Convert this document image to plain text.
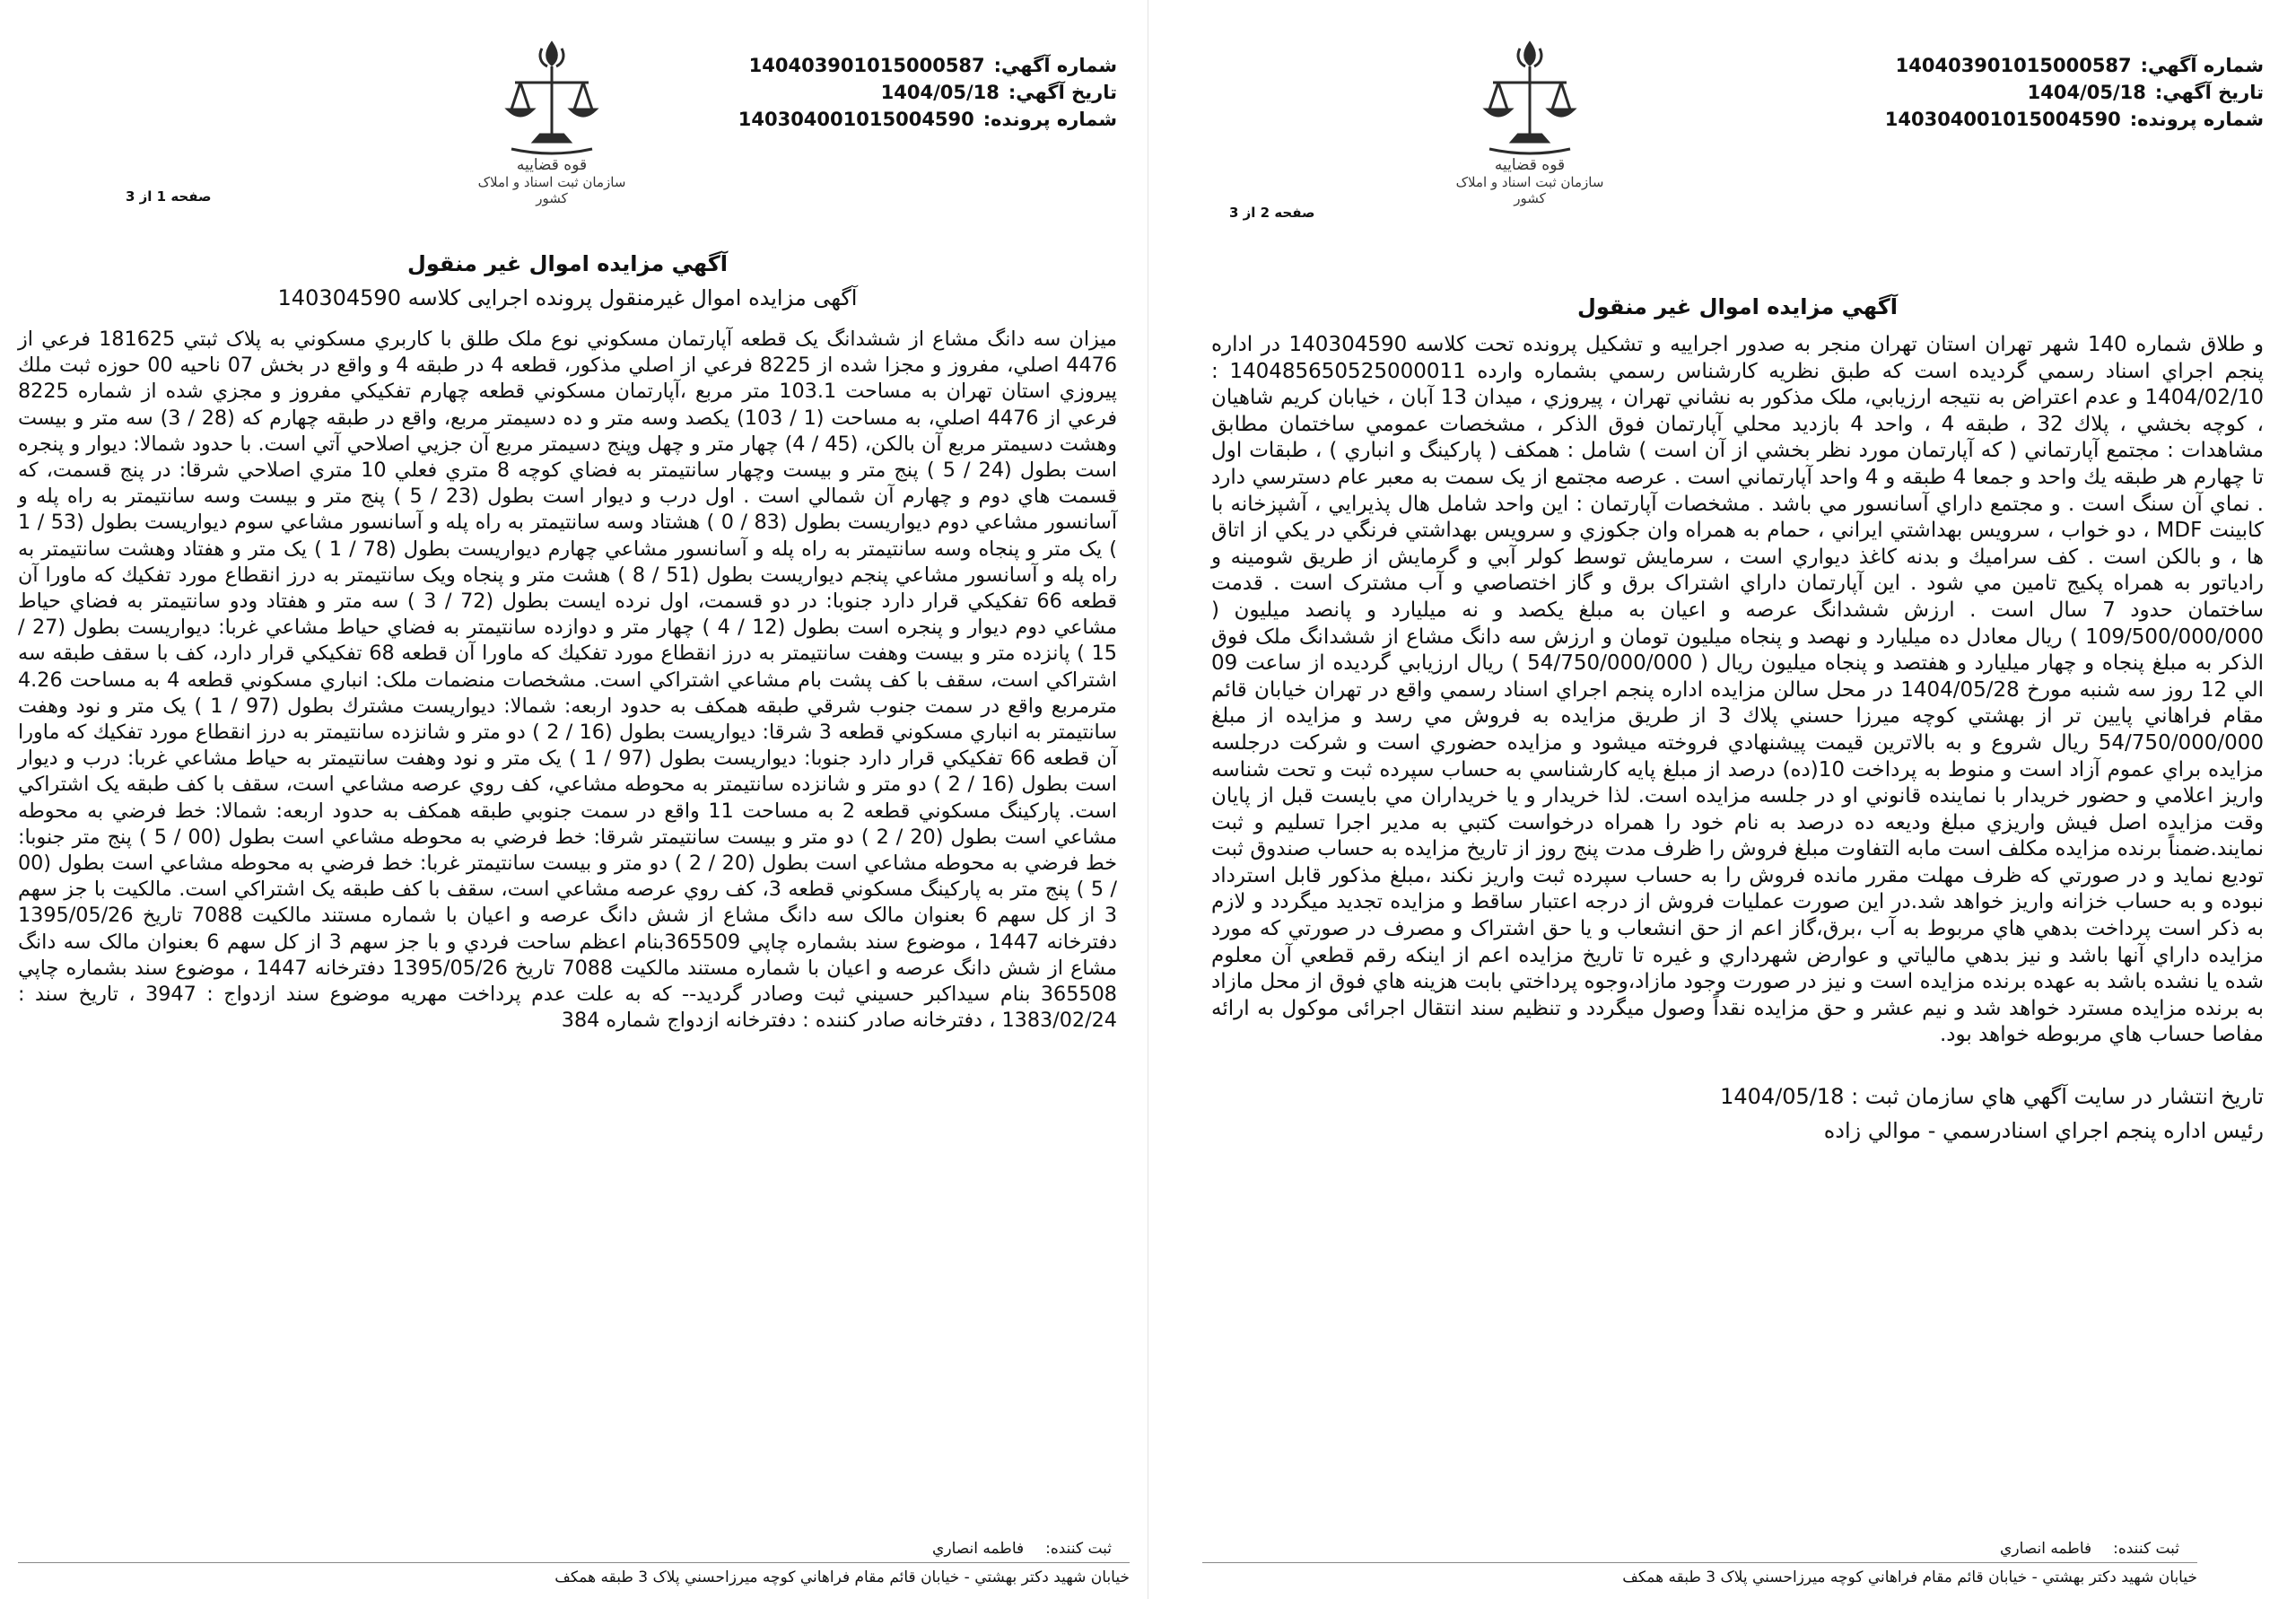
شماره آگهي:
140403901015000587
تاريخ آگهي:
1404/05/18
شماره پرونده:
140304001015004590
قوه قضاییه
سازمان ثبت اسناد و املاک کشور
صفحه 2 از 3
آگهي مزايده اموال غير منقول

و طلاق شماره 140 شهر تهران استان تهران منجر به صدور اجراييه و تشكيل پرونده تحت كلاسه 140304590 در اداره پنجم اجراي اسناد رسمي گرديده است كه طبق نظريه كارشناس رسمي بشماره وارده 140485650525000011 : 1404/02/10 و عدم اعتراض به نتيجه ارزيابي، ملک مذکور به نشاني تهران ، پيروزي ، ميدان 13 آبان ، خيابان كريم شاهيان ، كوچه بخشي ، پلاك 32 ، طبقه 4 ، واحد 4 بازديد محلي آپارتمان فوق الذكر ، مشخصات عمومي ساختمان مطابق مشاهدات : مجتمع آپارتماني ( كه آپارتمان مورد نظر بخشي از آن است ) شامل : همكف ( پاركينگ و انباري ) ، طبقات اول تا چهارم هر طبقه يك واحد و جمعا 4 طبقه و 4 واحد آپارتماني است . عرصه مجتمع از يک سمت به معبر عام دسترسي دارد . نماي آن سنگ است . و مجتمع داراي آسانسور مي باشد . مشخصات آپارتمان : اين واحد شامل هال پذيرايي ، آشپزخانه با كابينت MDF ، دو خواب ، سرويس بهداشتي ايراني ، حمام به همراه وان جكوزي و سرويس بهداشتي فرنگي در يكي از اتاق ها ، و بالكن است . كف سراميك و بدنه كاغذ ديواري است ، سرمايش توسط كولر آبي و گرمايش از طريق شومينه و رادياتور به همراه پكيج تامين مي شود . اين آپارتمان داراي اشتراک برق و گاز اختصاصي و آب مشترک است . قدمت ساختمان حدود 7 سال است . ارزش ششدانگ عرصه و اعيان به مبلغ يكصد و نه ميليارد و پانصد ميليون ( 109/500/000/000 ) ريال معادل ده ميليارد و نهصد و پنجاه ميليون تومان و ارزش سه دانگ مشاع از ششدانگ ملک فوق الذكر به مبلغ پنجاه و چهار ميليارد و هفتصد و پنجاه ميليون ريال ( 54/750/000/000 ) ريال ارزيابي گرديده از ساعت 09 الي 12 روز سه شنبه مورخ 1404/05/28 در محل سالن مزايده اداره پنجم اجراي اسناد رسمي واقع در تهران خيابان قائم مقام فراهاني پايين تر از بهشتي كوچه ميرزا حسني پلاك 3 از طريق مزايده به فروش مي رسد و مزايده از مبلغ 54/750/000/000 ريال شروع و به بالاترين قيمت پيشنهادي فروخته ميشود و مزايده حضوري است و شركت درجلسه مزايده براي عموم آزاد است و منوط به پرداخت 10(ده) درصد از مبلغ پايه كارشناسي به حساب سپرده ثبت و تحت شناسه واريز اعلامي و حضور خريدار با نماينده قانوني او در جلسه مزايده است. لذا خريدار و يا خريداران مي بايست قبل از پايان وقت مزايده اصل فيش واريزي مبلغ وديعه ده درصد به نام خود را همراه درخواست كتبي به مدير اجرا تسليم و ثبت نمايند.ضمناً برنده مزايده مكلف است مابه التفاوت مبلغ فروش را ظرف مدت پنج روز از تاريخ مزايده به حساب صندوق ثبت توديع نمايد و در صورتي كه ظرف مهلت مقرر مانده فروش را به حساب سپرده ثبت واريز نكند ،مبلغ مذكور قابل استرداد نبوده و به حساب خزانه واريز خواهد شد.در اين صورت عمليات فروش از درجه اعتبار ساقط و مزايده تجديد ميگردد و لازم به ذكر است پرداخت بدهي هاي مربوط به آب ،برق،گاز اعم از حق انشعاب و يا حق اشتراک و مصرف در صورتي كه مورد مزايده داراي آنها باشد و نيز بدهي مالياتي و عوارض شهرداري و غيره تا تاريخ مزايده اعم از اينكه رقم قطعي آن معلوم شده يا نشده باشد به عهده برنده مزايده است و نيز در صورت وجود مازاد،وجوه پرداختي بابت هزينه هاي فوق از محل مازاد به برنده مزايده مسترد خواهد شد و نيم عشر و حق مزايده نقداً وصول ميگردد و تنظيم سند انتقال اجرائی موکول به ارائه مفاصا حساب هاي مربوطه خواهد بود.

تاريخ انتشار در سايت آگهي هاي سازمان ثبت : 1404/05/18
رئيس اداره پنجم اجراي اسنادرسمي - موالي زاده
ثبت كننده:
فاطمه انصاري
خيابان شهيد دكتر بهشتي - خيابان قائم مقام فراهاني كوچه ميرزاحسني پلاک 3 طبقه همكف
شماره آگهي:
140403901015000587
تاريخ آگهي:
1404/05/18
شماره پرونده:
140304001015004590
قوه قضاییه
سازمان ثبت اسناد و املاک کشور
صفحه 1 از 3
آگهي مزايده اموال غير منقول
آگهی مزایده اموال غیرمنقول پرونده اجرایی کلاسه 140304590

ميزان سه دانگ مشاع از ششدانگ يک قطعه آپارتمان مسكوني نوع ملک طلق با كاربري مسكوني به پلاک ثبتي 181625 فرعي از 4476 اصلي، مفروز و مجزا شده از 8225 فرعي از اصلي مذكور، قطعه 4 در طبقه 4 و واقع در بخش 07 ناحيه 00 حوزه ثبت ملك پيروزي استان تهران به مساحت 103.1 متر مربع ،آپارتمان مسكوني قطعه چهارم تفكيكي مفروز و مجزي شده از شماره 8225 فرعي از 4476 اصلي، به مساحت (1 / 103) يكصد وسه متر و ده دسيمتر مربع، واقع در طبقه چهارم كه (28 / 3) سه متر و بيست وهشت دسيمتر مربع آن بالكن، (45 / 4) چهار متر و چهل وپنج دسيمتر مربع آن جزيي اصلاحي آتي است. با حدود شمالا: ديوار و پنجره است بطول (24 / 5 ) پنج متر و بيست وچهار سانتيمتر به فضاي كوچه 8 متري فعلي 10 متري اصلاحي شرقا: در پنج قسمت، كه قسمت هاي دوم و چهارم آن شمالي است . اول درب و ديوار است بطول (23 / 5 ) پنج متر و بيست وسه سانتيمتر به راه پله و آسانسور مشاعي دوم ديواريست بطول (83 / 0 ) هشتاد وسه سانتيمتر به راه پله و آسانسور مشاعي سوم ديواريست بطول (53 / 1 ) يک متر و پنجاه وسه سانتيمتر به راه پله و آسانسور مشاعي چهارم ديواريست بطول (78 / 1 ) يک متر و هفتاد وهشت سانتيمتر به راه پله و آسانسور مشاعي پنجم ديواريست بطول (51 / 8 ) هشت متر و پنجاه ويک سانتيمتر به درز انقطاع مورد تفكيك كه ماورا آن قطعه 66 تفكيكي قرار دارد جنوبا: در دو قسمت، اول نرده ايست بطول (72 / 3 ) سه متر و هفتاد ودو سانتيمتر به فضاي حياط مشاعي دوم ديوار و پنجره است بطول (12 / 4 ) چهار متر و دوازده سانتيمتر به فضاي حياط مشاعي غربا: ديواريست بطول (27 / 15 ) پانزده متر و بيست وهفت سانتيمتر به درز انقطاع مورد تفكيك كه ماورا آن قطعه 68 تفكيكي قرار دارد، كف با سقف طبقه سه اشتراكي است، سقف با كف پشت بام مشاعي اشتراكي است. مشخصات منضمات ملک: انباري مسكوني قطعه 4 به مساحت 4.26 مترمربع واقع در سمت جنوب شرقي طبقه همكف به حدود اربعه: شمالا: ديواريست مشترك بطول (97 / 1 ) يک متر و نود وهفت سانتيمتر به انباري مسكوني قطعه 3 شرقا: ديواريست بطول (16 / 2 ) دو متر و شانزده سانتيمتر به درز انقطاع مورد تفكيك كه ماورا آن قطعه 66 تفكيكي قرار دارد جنوبا: ديواريست بطول (97 / 1 ) يک متر و نود وهفت سانتيمتر به حياط مشاعي غربا: درب و ديوار است بطول (16 / 2 ) دو متر و شانزده سانتيمتر به محوطه مشاعي، كف روي عرصه مشاعي است، سقف با كف طبقه يک اشتراكي است. پاركينگ مسكوني قطعه 2 به مساحت 11 واقع در سمت جنوبي طبقه همكف به حدود اربعه: شمالا: خط فرضي به محوطه مشاعي است بطول (20 / 2 ) دو متر و بيست سانتيمتر شرقا: خط فرضي به محوطه مشاعي است بطول (00 / 5 ) پنج متر جنوبا: خط فرضي به محوطه مشاعي است بطول (20 / 2 ) دو متر و بيست سانتيمتر غربا: خط فرضي به محوطه مشاعي است بطول (00 / 5 ) پنج متر به پاركينگ مسكوني قطعه 3، كف روي عرصه مشاعي است، سقف با كف طبقه يک اشتراكي است. مالكيت با جز سهم 3 از كل سهم 6 بعنوان مالک سه دانگ مشاع از شش دانگ عرصه و اعيان با شماره مستند مالكيت 7088 تاريخ 1395/05/26 دفترخانه 1447 ، موضوع سند بشماره چاپي 365509بنام اعظم ساحت فردي و با جز سهم 3 از كل سهم 6 بعنوان مالک سه دانگ مشاع از شش دانگ عرصه و اعيان با شماره مستند مالكيت 7088 تاريخ 1395/05/26 دفترخانه 1447 ، موضوع سند بشماره چاپي 365508 بنام سيداكبر حسيني ثبت وصادر گرديد-- كه به علت عدم پرداخت مهريه موضوع سند ازدواج : 3947 ، تاريخ سند : 1383/02/24 ، دفترخانه صادر كننده : دفترخانه ازدواج شماره 384

ثبت كننده:
فاطمه انصاري
خيابان شهيد دكتر بهشتي - خيابان قائم مقام فراهاني كوچه ميرزاحسني پلاک 3 طبقه همكف
